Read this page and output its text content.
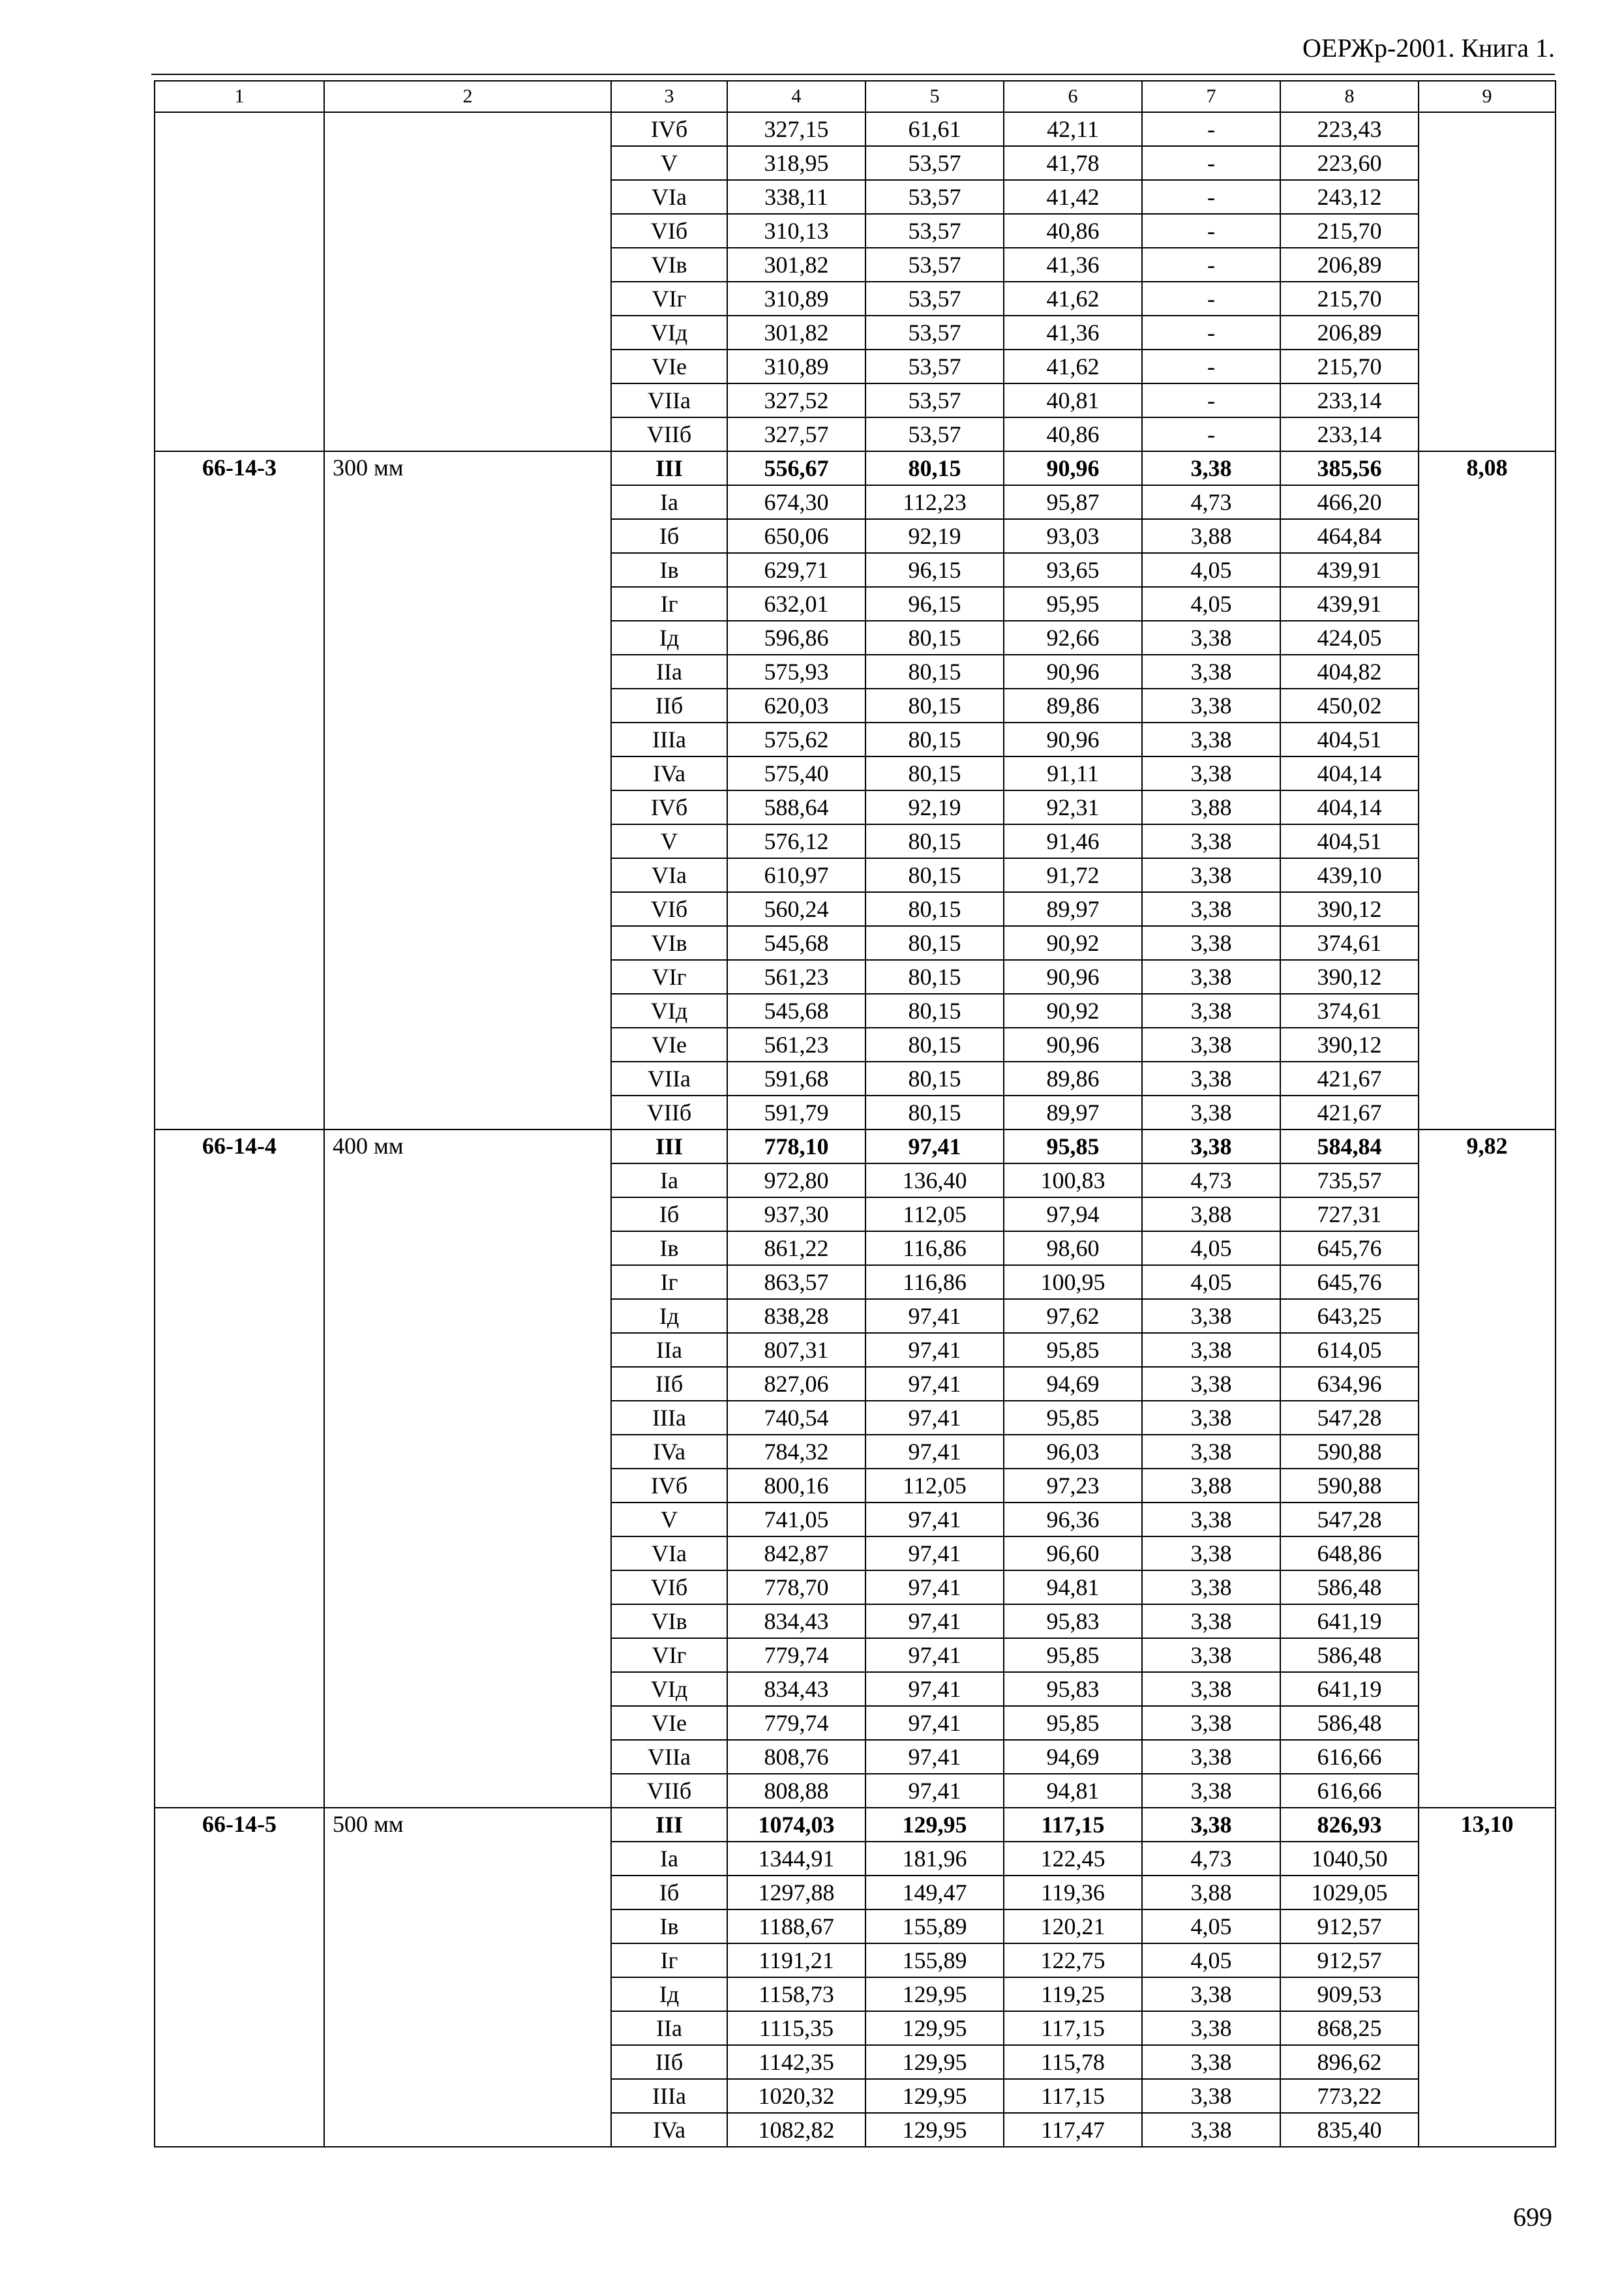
ОЕРЖр-2001. Книга 1.
1	2	3	4	5	6	7	8	9
		IVб	327,15	61,61	42,11	-	223,43	
		V	318,95	53,57	41,78	-	223,60	
		VIa	338,11	53,57	41,42	-	243,12	
		VIб	310,13	53,57	40,86	-	215,70	
		VIв	301,82	53,57	41,36	-	206,89	
		VIг	310,89	53,57	41,62	-	215,70	
		VIд	301,82	53,57	41,36	-	206,89	
		VIe	310,89	53,57	41,62	-	215,70	
		VIIa	327,52	53,57	40,81	-	233,14	
		VIIб	327,57	53,57	40,86	-	233,14	
66-14-3	300 мм	III	556,67	80,15	90,96	3,38	385,56	8,08
		Ia	674,30	112,23	95,87	4,73	466,20	
		Iб	650,06	92,19	93,03	3,88	464,84	
		Iв	629,71	96,15	93,65	4,05	439,91	
		Iг	632,01	96,15	95,95	4,05	439,91	
		Iд	596,86	80,15	92,66	3,38	424,05	
		IIa	575,93	80,15	90,96	3,38	404,82	
		IIб	620,03	80,15	89,86	3,38	450,02	
		IIIa	575,62	80,15	90,96	3,38	404,51	
		IVa	575,40	80,15	91,11	3,38	404,14	
		IVб	588,64	92,19	92,31	3,88	404,14	
		V	576,12	80,15	91,46	3,38	404,51	
		VIa	610,97	80,15	91,72	3,38	439,10	
		VIб	560,24	80,15	89,97	3,38	390,12	
		VIв	545,68	80,15	90,92	3,38	374,61	
		VIг	561,23	80,15	90,96	3,38	390,12	
		VIд	545,68	80,15	90,92	3,38	374,61	
		VIe	561,23	80,15	90,96	3,38	390,12	
		VIIa	591,68	80,15	89,86	3,38	421,67	
		VIIб	591,79	80,15	89,97	3,38	421,67	
66-14-4	400 мм	III	778,10	97,41	95,85	3,38	584,84	9,82
		Ia	972,80	136,40	100,83	4,73	735,57	
		Iб	937,30	112,05	97,94	3,88	727,31	
		Iв	861,22	116,86	98,60	4,05	645,76	
		Iг	863,57	116,86	100,95	4,05	645,76	
		Iд	838,28	97,41	97,62	3,38	643,25	
		IIa	807,31	97,41	95,85	3,38	614,05	
		IIб	827,06	97,41	94,69	3,38	634,96	
		IIIa	740,54	97,41	95,85	3,38	547,28	
		IVa	784,32	97,41	96,03	3,38	590,88	
		IVб	800,16	112,05	97,23	3,88	590,88	
		V	741,05	97,41	96,36	3,38	547,28	
		VIa	842,87	97,41	96,60	3,38	648,86	
		VIб	778,70	97,41	94,81	3,38	586,48	
		VIв	834,43	97,41	95,83	3,38	641,19	
		VIг	779,74	97,41	95,85	3,38	586,48	
		VIд	834,43	97,41	95,83	3,38	641,19	
		VIe	779,74	97,41	95,85	3,38	586,48	
		VIIa	808,76	97,41	94,69	3,38	616,66	
		VIIб	808,88	97,41	94,81	3,38	616,66	
66-14-5	500 мм	III	1074,03	129,95	117,15	3,38	826,93	13,10
		Ia	1344,91	181,96	122,45	4,73	1040,50	
		Iб	1297,88	149,47	119,36	3,88	1029,05	
		Iв	1188,67	155,89	120,21	4,05	912,57	
		Iг	1191,21	155,89	122,75	4,05	912,57	
		Iд	1158,73	129,95	119,25	3,38	909,53	
		IIa	1115,35	129,95	117,15	3,38	868,25	
		IIб	1142,35	129,95	115,78	3,38	896,62	
		IIIa	1020,32	129,95	117,15	3,38	773,22	
		IVa	1082,82	129,95	117,47	3,38	835,40	
699
